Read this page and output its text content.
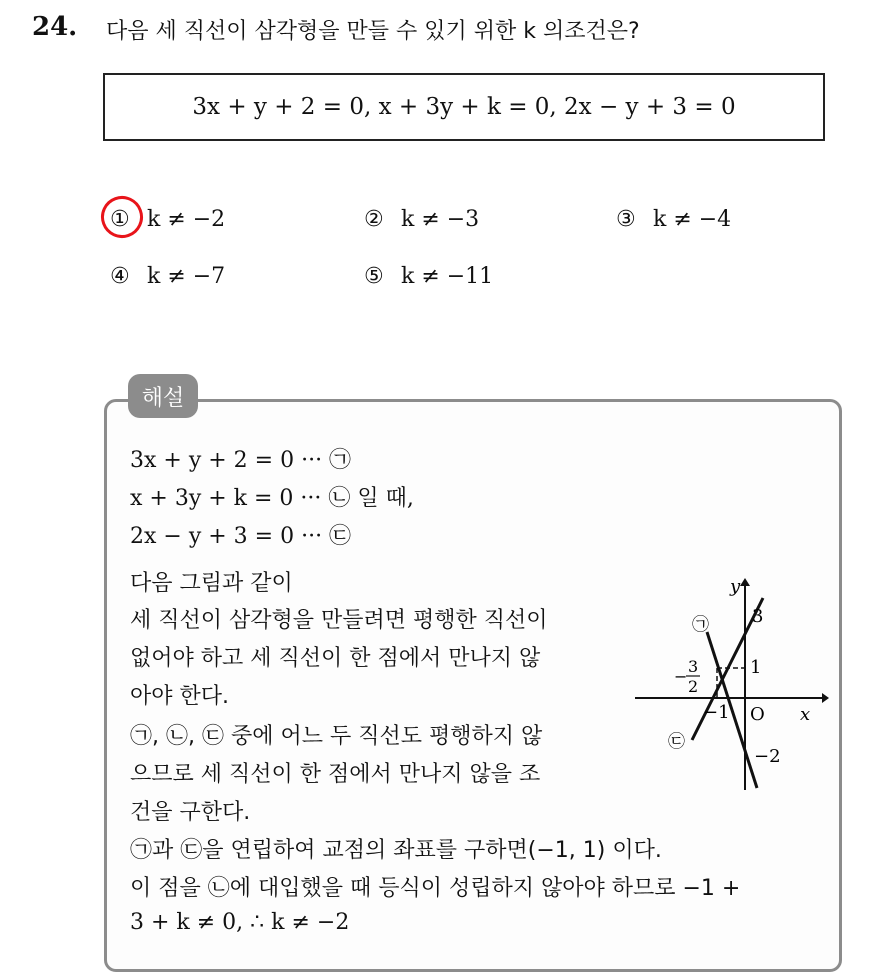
24. 다음 세 직선이 삼각형을 만들 수 있기 위한 k 의조건은?
3x + y + 2 = 0, x + 3y + k = 0, 2x − y + 3 = 0
① k ≠ −2	② k ≠ −3	③ k ≠ −4
④ k ≠ −7	⑤ k ≠ −11
해설
3x + y + 2 = 0 ··· ㉠
x + 3y + k = 0 ··· ㉡ 일 때,
2x − y + 3 = 0 ··· ㉢
다음 그림과 같이
세 직선이 삼각형을 만들려면 평행한 직선이
없어야 하고 세 직선이 한 점에서 만나지 않
아야 한다.
㉠, ㉡, ㉢ 중에 어느 두 직선도 평행하지 않
으므로 세 직선이 한 점에서 만나지 않을 조
건을 구한다.
㉠과 ㉢을 연립하여 교점의 좌표를 구하면(−1, 1) 이다.
이 점을 ㉡에 대입했을 때 등식이 성립하지 않아야 하므로 −1 +
3 + k ≠ 0, ∴ k ≠ −2
y
x
O
3
1
−1
−2
3
2
−
㉠
㉢
